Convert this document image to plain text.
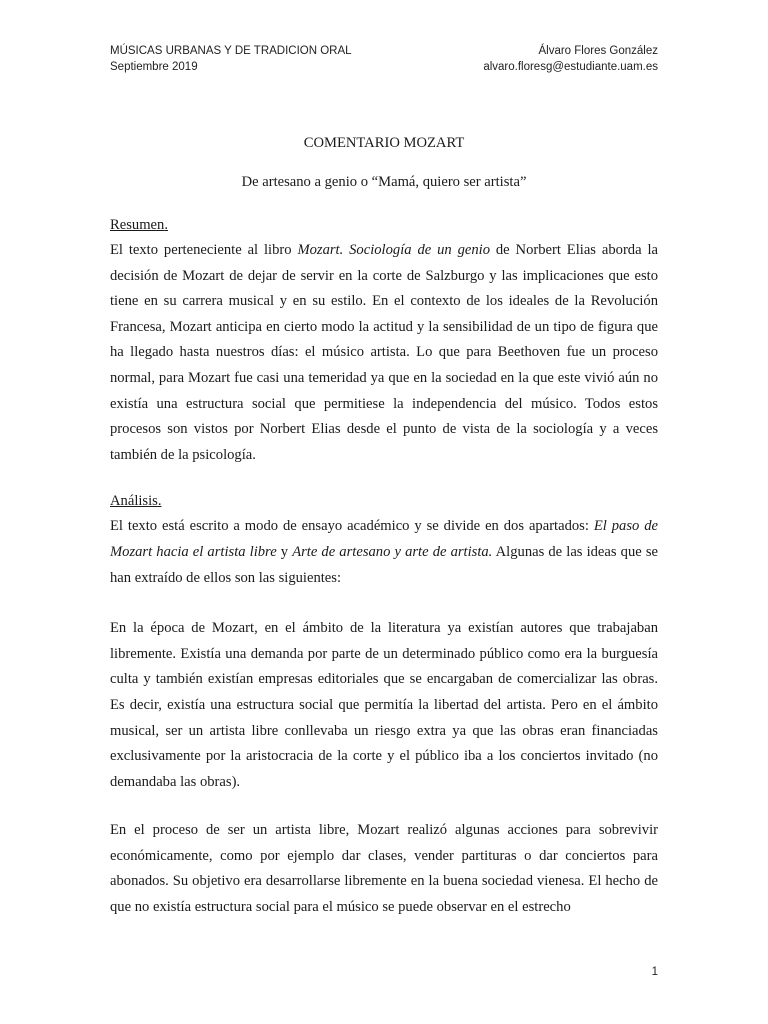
MÚSICAS URBANAS Y DE TRADICION ORAL
Septiembre 2019
Álvaro Flores González
alvaro.floresg@estudiante.uam.es

COMENTARIO MOZART

De artesano a genio o “Mamá, quiero ser artista”

Resumen.

El texto perteneciente al libro Mozart. Sociología de un genio de Norbert Elias aborda la decisión de Mozart de dejar de servir en la corte de Salzburgo y las implicaciones que esto tiene en su carrera musical y en su estilo. En el contexto de los ideales de la Revolución Francesa, Mozart anticipa en cierto modo la actitud y la sensibilidad de un tipo de figura que ha llegado hasta nuestros días: el músico artista. Lo que para Beethoven fue un proceso normal, para Mozart fue casi una temeridad ya que en la sociedad en la que este vivió aún no existía una estructura social que permitiese la independencia del músico. Todos estos procesos son vistos por Norbert Elias desde el punto de vista de la sociología y a veces también de la psicología.

Análisis.

El texto está escrito a modo de ensayo académico y se divide en dos apartados: El paso de Mozart hacia el artista libre y Arte de artesano y arte de artista. Algunas de las ideas que se han extraído de ellos son las siguientes:

En la época de Mozart, en el ámbito de la literatura ya existían autores que trabajaban libremente. Existía una demanda por parte de un determinado público como era la burguesía culta y también existían empresas editoriales que se encargaban de comercializar las obras. Es decir, existía una estructura social que permitía la libertad del artista. Pero en el ámbito musical, ser un artista libre conllevaba un riesgo extra ya que las obras eran financiadas exclusivamente por la aristocracia de la corte y el público iba a los conciertos invitado (no demandaba las obras).

En el proceso de ser un artista libre, Mozart realizó algunas acciones para sobrevivir económicamente, como por ejemplo dar clases, vender partituras o dar conciertos para abonados. Su objetivo era desarrollarse libremente en la buena sociedad vienesa. El hecho de que no existía estructura social para el músico se puede observar en el estrecho

1
